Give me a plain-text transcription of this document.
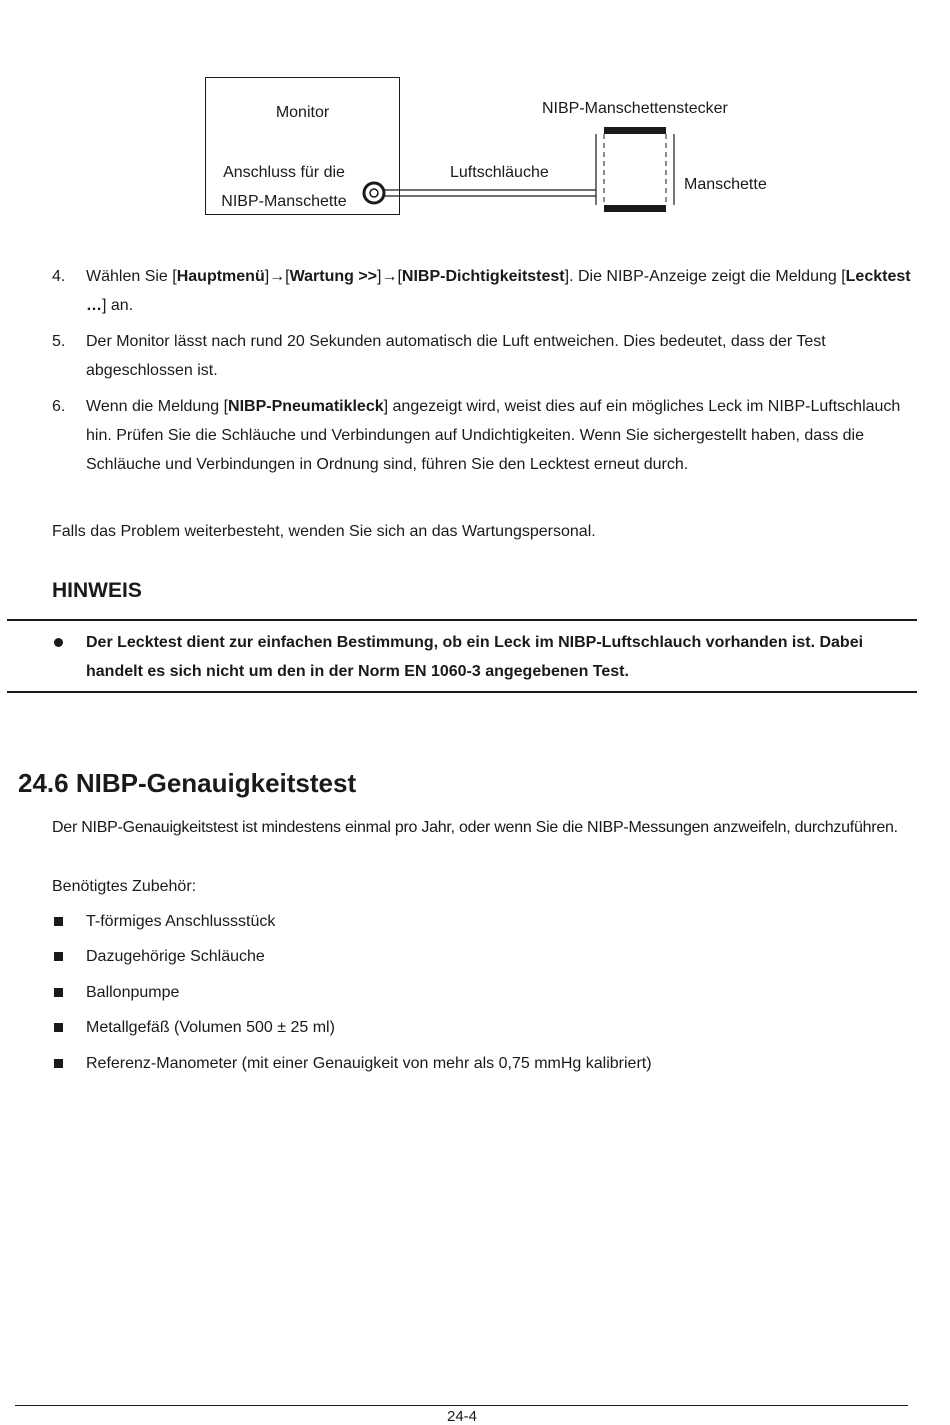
Monitor
Anschluss für die
NIBP-Manschette
Luftschläuche
NIBP-Manschettenstecker
Manschette
4. Wählen Sie [Hauptmenü]→[Wartung >>]→[NIBP-Dichtigkeitstest]. Die NIBP-Anzeige zeigt die Meldung [Lecktest …] an.
5. Der Monitor lässt nach rund 20 Sekunden automatisch die Luft entweichen. Dies bedeutet, dass der Test abgeschlossen ist.
6. Wenn die Meldung [NIBP-Pneumatikleck] angezeigt wird, weist dies auf ein mögliches Leck im NIBP-Luftschlauch hin. Prüfen Sie die Schläuche und Verbindungen auf Undichtigkeiten. Wenn Sie sichergestellt haben, dass die Schläuche und Verbindungen in Ordnung sind, führen Sie den Lecktest erneut durch.
Falls das Problem weiterbesteht, wenden Sie sich an das Wartungspersonal.
HINWEIS
Der Lecktest dient zur einfachen Bestimmung, ob ein Leck im NIBP-Luftschlauch vorhanden ist. Dabei handelt es sich nicht um den in der Norm EN 1060-3 angegebenen Test.
24.6 NIBP-Genauigkeitstest
Der NIBP-Genauigkeitstest ist mindestens einmal pro Jahr, oder wenn Sie die NIBP-Messungen anzweifeln, durchzuführen.
Benötigtes Zubehör:
T-förmiges Anschlussstück
Dazugehörige Schläuche
Ballonpumpe
Metallgefäß (Volumen 500 ± 25 ml)
Referenz-Manometer (mit einer Genauigkeit von mehr als 0,75 mmHg kalibriert)
24-4
